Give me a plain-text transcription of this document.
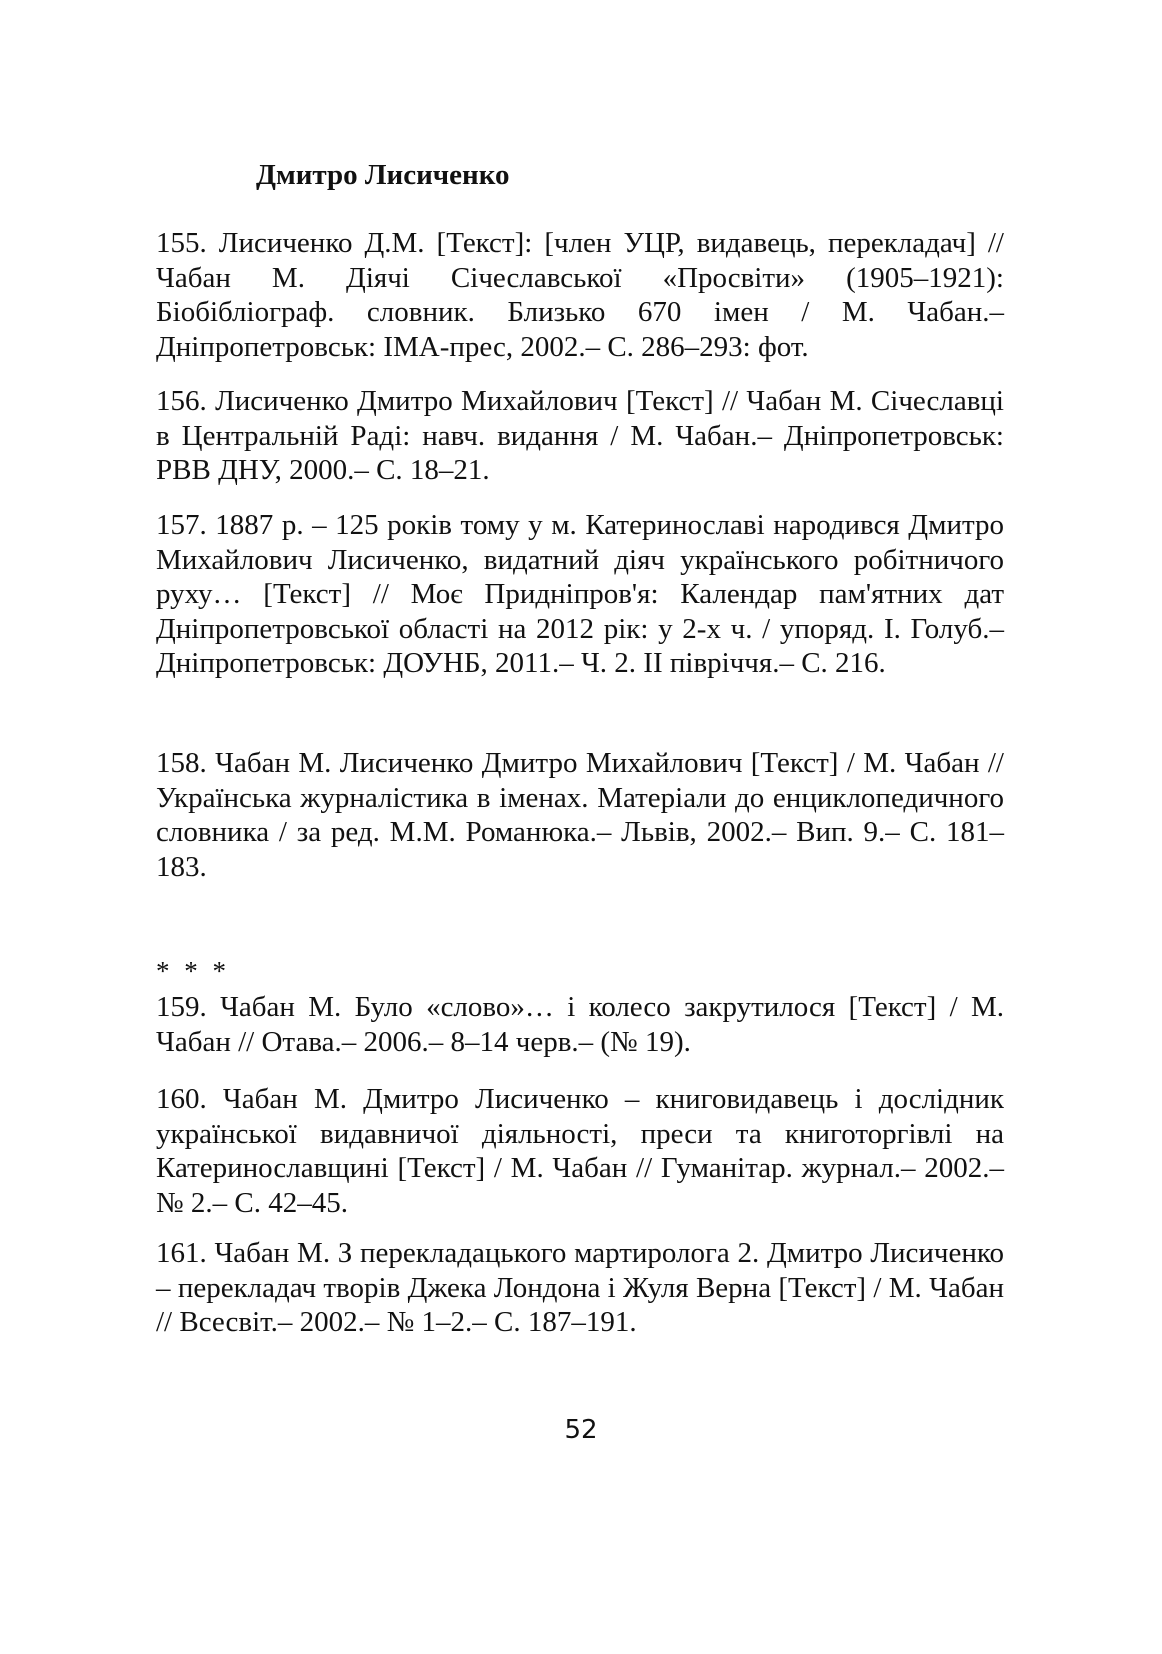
Дмитро Лисиченко
155. Лисиченко Д.М. [Текст]: [член УЦР, видавець, перекладач] // Чабан М. Діячі Січеславської «Просвіти» (1905–1921): Біобібліограф. словник. Близько 670 імен / М. Чабан.– Дніпропетровськ: ІМА-прес, 2002.– С. 286–293: фот.
156. Лисиченко Дмитро Михайлович [Текст] // Чабан М. Січеславці в Центральній Раді: навч. видання / М. Чабан.– Дніпропетровськ: РВВ ДНУ, 2000.– С. 18–21.
157. 1887 р. – 125 років тому у м. Катеринославі народився Дмитро Михайлович Лисиченко, видатний діяч українського робітничого руху… [Текст] // Моє Придніпров'я: Календар пам'ятних дат Дніпропетровської області на 2012 рік: у 2-х ч. / упоряд. І. Голуб.– Дніпропетровськ: ДОУНБ, 2011.– Ч. 2. ІІ півріччя.– С. 216.
158. Чабан М. Лисиченко Дмитро Михайлович [Текст] / М. Чабан // Українська журналістика в іменах. Матеріали до енциклопедичного словника / за ред. М.М. Романюка.– Львів, 2002.– Вип. 9.– С. 181–183.
* * *
159. Чабан М. Було «слово»… і колесо закрутилося [Текст] / М. Чабан // Отава.– 2006.– 8–14 черв.– (№ 19).
160. Чабан М. Дмитро Лисиченко – книговидавець і дослідник української видавничої діяльності, преси та книготоргівлі на Катеринославщині [Текст] / М. Чабан // Гуманітар. журнал.– 2002.– № 2.– С. 42–45.
161. Чабан М. З перекладацького мартиролога 2. Дмитро Лисиченко – перекладач творів Джека Лондона і Жуля Верна [Текст] / М. Чабан // Всесвіт.– 2002.– № 1–2.– С. 187–191.
52
